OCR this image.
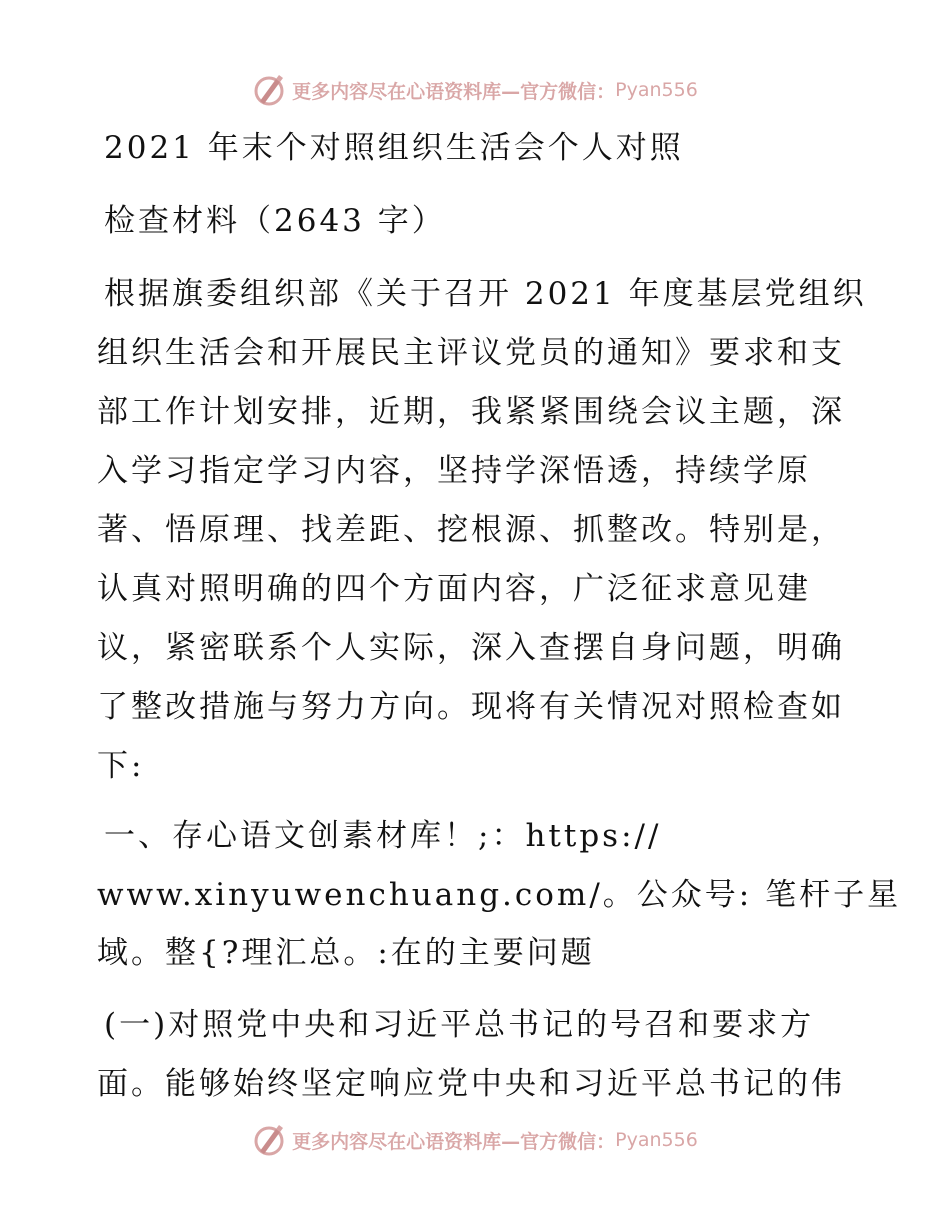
更多内容尽在心语资料库—官方微信： Pyan556
2021 年末个对照组织生活会个人对照
检查材料（2643 字）
根据旗委组织部《关于召开 2021 年度基层党组织
组织生活会和开展民主评议党员的通知》要求和支
部工作计划安排，近期，我紧紧围绕会议主题，深
入学习指定学习内容，坚持学深悟透，持续学原
著、悟原理、找差距、挖根源、抓整改。特别是，
认真对照明确的四个方面内容，广泛征求意见建
议，紧密联系个人实际，深入查摆自身问题，明确
了整改措施与努力方向。现将有关情况对照检查如
下:
一、存心语文创素材库！;：https://
www.xinyuwenchuang.com/。公众号: 笔杆子星
域。整{?理汇总。:在的主要问题
(一)对照党中央和习近平总书记的号召和要求方
面。能够始终坚定响应党中央和习近平总书记的伟
更多内容尽在心语资料库—官方微信： Pyan556
